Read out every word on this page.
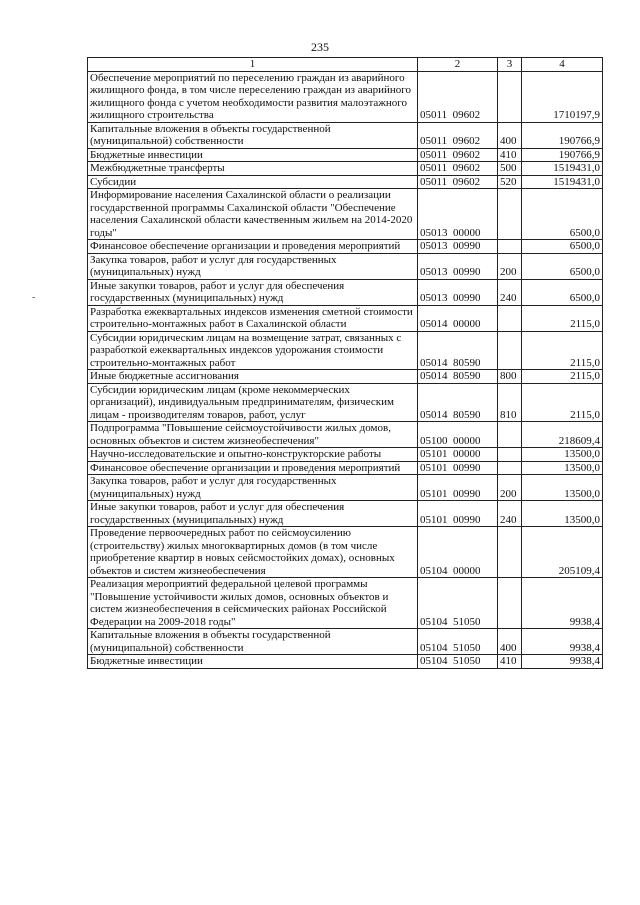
235
-
1	2	3	4
Обеспечение мероприятий по переселению граждан из аварийного жилищного фонда, в том числе переселению граждан из аварийного жилищного фонда с учетом необходимости развития малоэтажного жилищного строительства	05011  09602		1710197,9
Капитальные вложения в объекты государственной (муниципальной) собственности	05011  09602	400	190766,9
Бюджетные инвестиции	05011  09602	410	190766,9
Межбюджетные трансферты	05011  09602	500	1519431,0
Субсидии	05011  09602	520	1519431,0
Информирование населения Сахалинской области о реализации государственной программы Сахалинской области "Обеспечение населения Сахалинской области качественным жильем на 2014-2020 годы"	05013  00000		6500,0
Финансовое обеспечение организации и проведения мероприятий	05013  00990		6500,0
Закупка товаров, работ и услуг для государственных (муниципальных) нужд	05013  00990	200	6500,0
Иные закупки товаров, работ и услуг для обеспечения государственных (муниципальных) нужд	05013  00990	240	6500,0
Разработка ежеквартальных индексов изменения сметной стоимости строительно-монтажных работ в Сахалинской области	05014  00000		2115,0
Субсидии юридическим лицам на возмещение затрат, связанных с разработкой ежеквартальных индексов удорожания стоимости строительно-монтажных работ	05014  80590		2115,0
Иные бюджетные ассигнования	05014  80590	800	2115,0
Субсидии юридическим лицам (кроме некоммерческих организаций), индивидуальным предпринимателям, физическим лицам - производителям товаров, работ, услуг	05014  80590	810	2115,0
Подпрограмма "Повышение сейсмоустойчивости жилых домов, основных объектов и систем жизнеобеспечения"	05100  00000		218609,4
Научно-исследовательские и опытно-конструкторские работы	05101  00000		13500,0
Финансовое обеспечение организации и проведения мероприятий	05101  00990		13500,0
Закупка товаров, работ и услуг для государственных (муниципальных) нужд	05101  00990	200	13500,0
Иные закупки товаров, работ и услуг для обеспечения государственных (муниципальных) нужд	05101  00990	240	13500,0
Проведение первоочередных работ по сейсмоусилению (строительству) жилых многоквартирных домов (в том числе приобретение квартир в новых сейсмостойких домах), основных объектов и систем жизнеобеспечения	05104  00000		205109,4
Реализация мероприятий федеральной целевой программы "Повышение устойчивости жилых домов, основных объектов и систем жизнеобеспечения в сейсмических районах Российской Федерации на 2009-2018 годы"	05104  51050		9938,4
Капитальные вложения в объекты государственной (муниципальной) собственности	05104  51050	400	9938,4
Бюджетные инвестиции	05104  51050	410	9938,4
